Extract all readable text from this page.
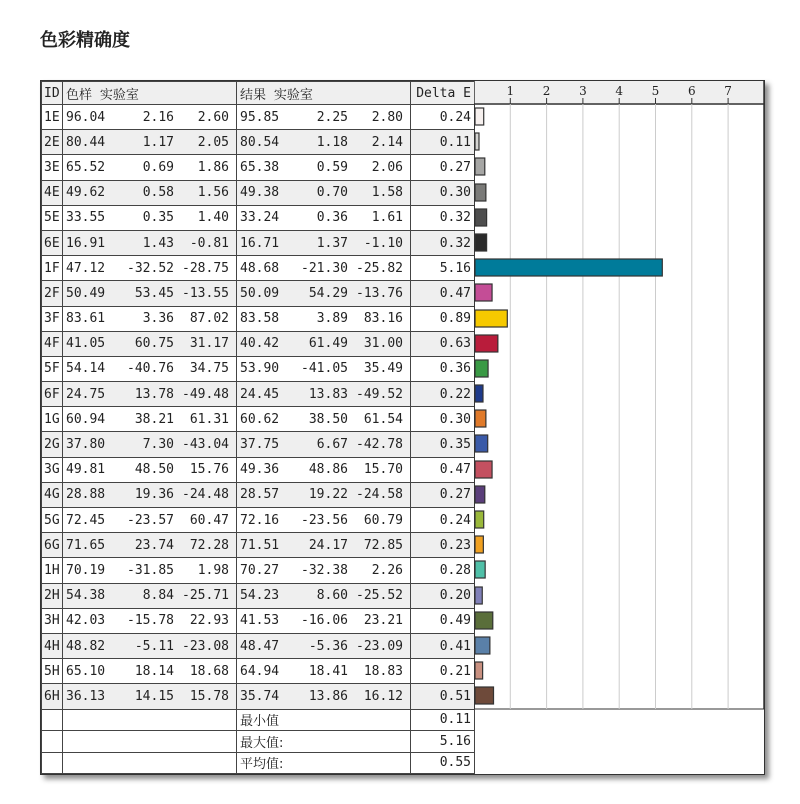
色彩精确度
ID	色样 实验室	结果 实验室	Delta E	
1E	96.04 2.16 2.60	95.85 2.25 2.80	0.24	
2E	80.44 1.17 2.05	80.54 1.18 2.14	0.11	
3E	65.52 0.69 1.86	65.38 0.59 2.06	0.27	
4E	49.62 0.58 1.56	49.38 0.70 1.58	0.30	
5E	33.55 0.35 1.40	33.24 0.36 1.61	0.32	
6E	16.91 1.43 -0.81	16.71 1.37 -1.10	0.32	
1F	47.12 -32.52 -28.75	48.68 -21.30 -25.82	5.16	
2F	50.49 53.45 -13.55	50.09 54.29 -13.76	0.47	
3F	83.61 3.36 87.02	83.58 3.89 83.16	0.89	
4F	41.05 60.75 31.17	40.42 61.49 31.00	0.63	
5F	54.14 -40.76 34.75	53.90 -41.05 35.49	0.36	
6F	24.75 13.78 -49.48	24.45 13.83 -49.52	0.22	
1G	60.94 38.21 61.31	60.62 38.50 61.54	0.30	
2G	37.80 7.30 -43.04	37.75 6.67 -42.78	0.35	
3G	49.81 48.50 15.76	49.36 48.86 15.70	0.47	
4G	28.88 19.36 -24.48	28.57 19.22 -24.58	0.27	
5G	72.45 -23.57 60.47	72.16 -23.56 60.79	0.24	
6G	71.65 23.74 72.28	71.51 24.17 72.85	0.23	
1H	70.19 -31.85 1.98	70.27 -32.38 2.26	0.28	
2H	54.38 8.84 -25.71	54.23 8.60 -25.52	0.20	
3H	42.03 -15.78 22.93	41.53 -16.06 23.21	0.49	
4H	48.82 -5.11 -23.08	48.47 -5.36 -23.09	0.41	
5H	65.10 18.14 18.68	64.94 18.41 18.83	0.21	
6H	36.13 14.15 15.78	35.74 13.86 16.12	0.51	
		最小值	0.11	
		最大值:	5.16	
		平均值:	0.55	
1 2 3 4 5 6 7
